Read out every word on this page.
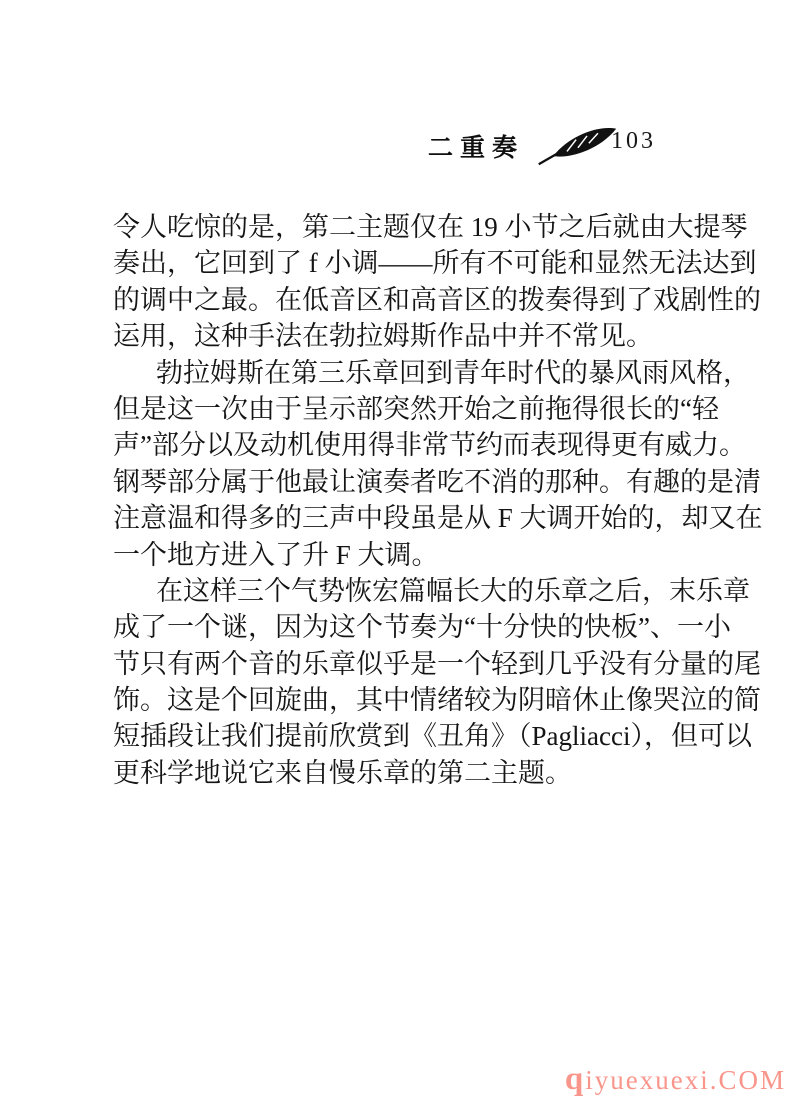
二重奏	103
令人吃惊的是，第二主题仅在 19 小节之后就由大提琴
奏出，它回到了 f 小调——所有不可能和显然无法达到
的调中之最。在低音区和高音区的拨奏得到了戏剧性的
运用，这种手法在勃拉姆斯作品中并不常见。
勃拉姆斯在第三乐章回到青年时代的暴风雨风格，
但是这一次由于呈示部突然开始之前拖得很长的“轻
声”部分以及动机使用得非常节约而表现得更有威力。
钢琴部分属于他最让演奏者吃不消的那种。有趣的是清
注意温和得多的三声中段虽是从 F 大调开始的，却又在
一个地方进入了升 F 大调。
在这样三个气势恢宏篇幅长大的乐章之后，末乐章
成了一个谜，因为这个节奏为“十分快的快板”、一小
节只有两个音的乐章似乎是一个轻到几乎没有分量的尾
饰。这是个回旋曲，其中情绪较为阴暗休止像哭泣的简
短插段让我们提前欣赏到《丑角》（Pagliacci），但可以
更科学地说它来自慢乐章的第二主题。
qiyuexuexi.COM
